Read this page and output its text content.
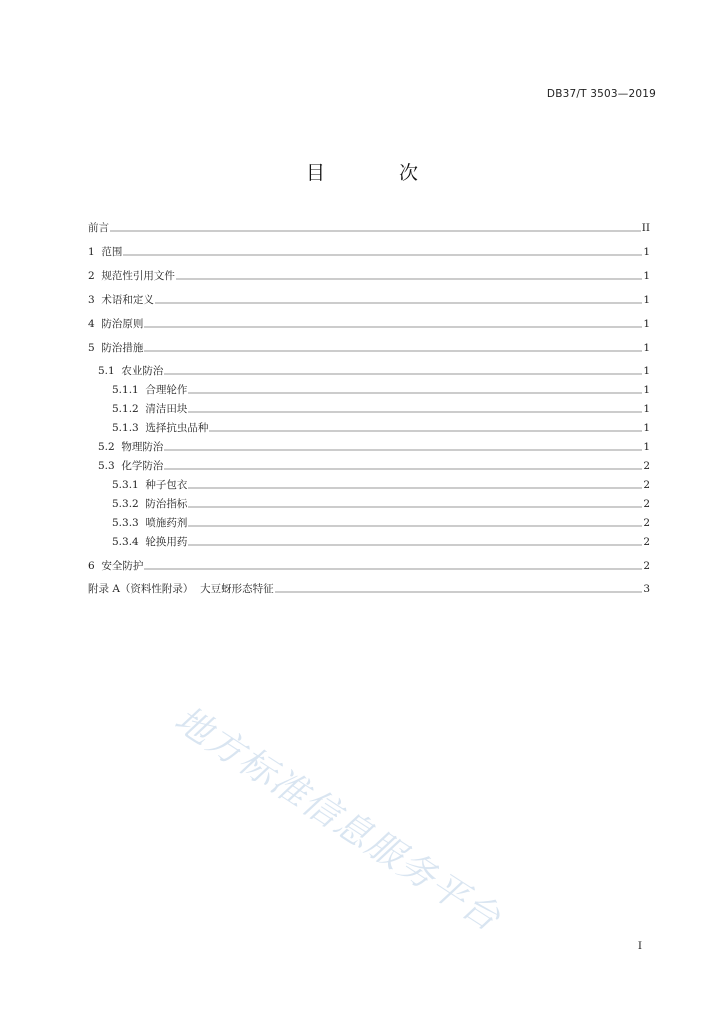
DB37/T 3503—2019
目 次
前言	II
1 范围	1
2 规范性引用文件	1
3 术语和定义	1
4 防治原则	1
5 防治措施	1
5.1 农业防治	1
5.1.1 合理轮作	1
5.1.2 清洁田块	1
5.1.3 选择抗虫品种	1
5.2 物理防治	1
5.3 化学防治	2
5.3.1 种子包衣	2
5.3.2 防治指标	2
5.3.3 喷施药剂	2
5.3.4 轮换用药	2
6 安全防护	2
附录 A（资料性附录）  大豆蚜形态特征	3
地方标准信息服务平台
I
